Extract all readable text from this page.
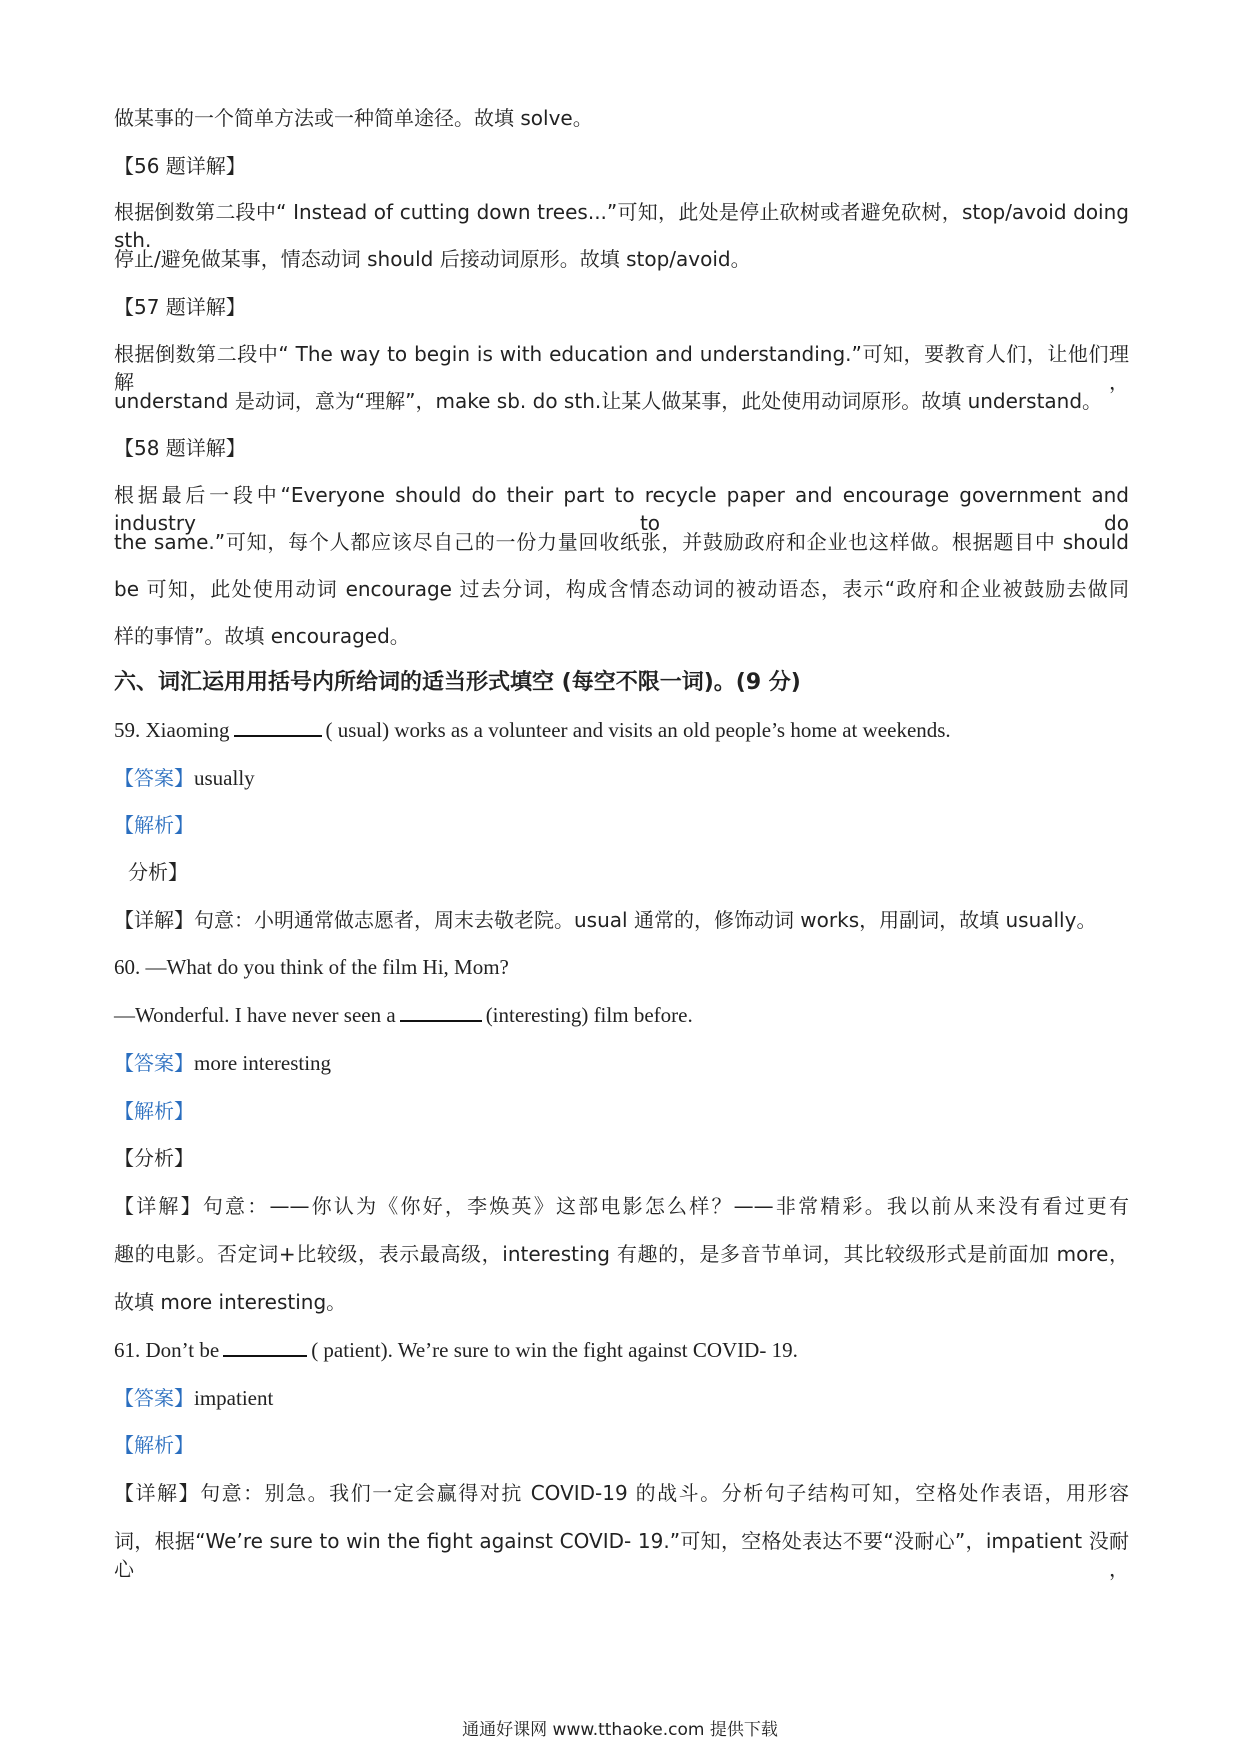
做某事的一个简单方法或一种简单途径。故填 solve。
【56 题详解】
根据倒数第二段中“ Instead of cutting down trees...”可知，此处是停止砍树或者避免砍树，stop/avoid doing sth.
停止/避免做某事，情态动词 should 后接动词原形。故填 stop/avoid。
【57 题详解】
根据倒数第二段中“ The way to begin is with education and understanding.”可知，要教育人们，让他们理解，
understand 是动词，意为“理解”，make sb. do sth.让某人做某事，此处使用动词原形。故填 understand。
【58 题详解】
根据最后一段中“Everyone should do their part to recycle paper and encourage government and industry to do
the same.”可知，每个人都应该尽自己的一份力量回收纸张，并鼓励政府和企业也这样做。根据题目中 should
be 可知，此处使用动词 encourage 过去分词，构成含情态动词的被动语态，表示“政府和企业被鼓励去做同
样的事情”。故填 encouraged。
六、词汇运用用括号内所给词的适当形式填空 (每空不限一词)。(9 分)
59. Xiaoming	( usual) works as a volunteer and visits an old people’s home at weekends.
【答案】usually
【解析】
分析】
【详解】句意：小明通常做志愿者，周末去敬老院。usual 通常的，修饰动词 works，用副词，故填 usually。
60. —What do you think of the film Hi, Mom?
—Wonderful. I have never seen a	(interesting) film before.
【答案】more interesting
【解析】
【分析】
【详解】句意：——你认为《你好，李焕英》这部电影怎么样？——非常精彩。我以前从来没有看过更有
趣的电影。否定词+比较级，表示最高级，interesting 有趣的，是多音节单词，其比较级形式是前面加 more，
故填 more interesting。
61. Don’t be	( patient). We’re sure to win the fight against COVID- 19.
【答案】impatient
【解析】
【详解】句意：别急。我们一定会赢得对抗 COVID-19 的战斗。分析句子结构可知，空格处作表语，用形容
词，根据“We’re sure to win the fight against COVID- 19.”可知，空格处表达不要“没耐心”，impatient 没耐心，
通通好课网 www.tthaoke.com 提供下载
